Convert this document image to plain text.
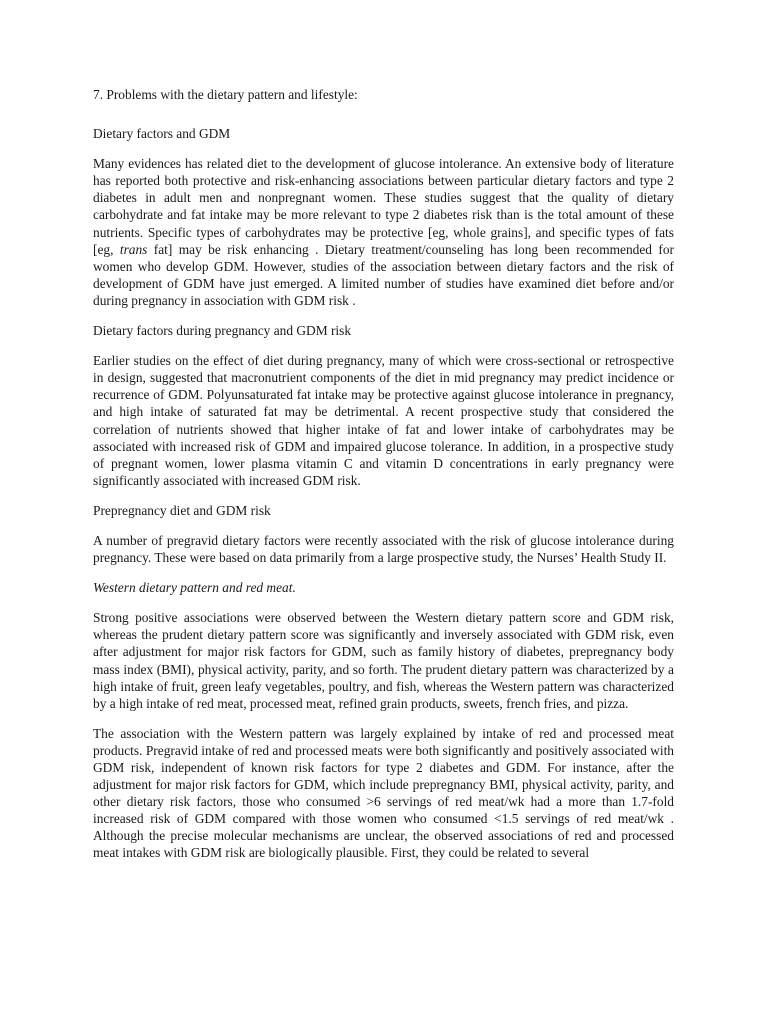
7. Problems with the dietary pattern and lifestyle:
Dietary factors and GDM

Many evidences has related diet to the development of glucose intolerance. An extensive body of literature has reported both protective and risk-enhancing associations between particular dietary factors and type 2 diabetes in adult men and nonpregnant women. These studies suggest that the quality of dietary carbohydrate and fat intake may be more relevant to type 2 diabetes risk than is the total amount of these nutrients. Specific types of carbohydrates may be protective [eg, whole grains], and specific types of fats [eg, trans fat] may be risk enhancing . Dietary treatment/counseling has long been recommended for women who develop GDM. However, studies of the association between dietary factors and the risk of development of GDM have just emerged. A limited number of studies have examined diet before and/or during pregnancy in association with GDM risk .

Dietary factors during pregnancy and GDM risk

Earlier studies on the effect of diet during pregnancy, many of which were cross-sectional or retrospective in design, suggested that macronutrient components of the diet in mid pregnancy may predict incidence or recurrence of GDM. Polyunsaturated fat intake may be protective against glucose intolerance in pregnancy, and high intake of saturated fat may be detrimental. A recent prospective study that considered the correlation of nutrients showed that higher intake of fat and lower intake of carbohydrates may be associated with increased risk of GDM and impaired glucose tolerance. In addition, in a prospective study of pregnant women, lower plasma vitamin C and vitamin D concentrations in early pregnancy were significantly associated with increased GDM risk.

Prepregnancy diet and GDM risk

A number of pregravid dietary factors were recently associated with the risk of glucose intolerance during pregnancy. These were based on data primarily from a large prospective study, the Nurses’ Health Study II.

Western dietary pattern and red meat.

Strong positive associations were observed between the Western dietary pattern score and GDM risk, whereas the prudent dietary pattern score was significantly and inversely associated with GDM risk, even after adjustment for major risk factors for GDM, such as family history of diabetes, prepregnancy body mass index (BMI), physical activity, parity, and so forth. The prudent dietary pattern was characterized by a high intake of fruit, green leafy vegetables, poultry, and fish, whereas the Western pattern was characterized by a high intake of red meat, processed meat, refined grain products, sweets, french fries, and pizza.

The association with the Western pattern was largely explained by intake of red and processed meat products. Pregravid intake of red and processed meats were both significantly and positively associated with GDM risk, independent of known risk factors for type 2 diabetes and GDM. For instance, after the adjustment for major risk factors for GDM, which include prepregnancy BMI, physical activity, parity, and other dietary risk factors, those who consumed >6 servings of red meat/wk had a more than 1.7-fold increased risk of GDM compared with those women who consumed <1.5 servings of red meat/wk . Although the precise molecular mechanisms are unclear, the observed associations of red and processed meat intakes with GDM risk are biologically plausible. First, they could be related to several
